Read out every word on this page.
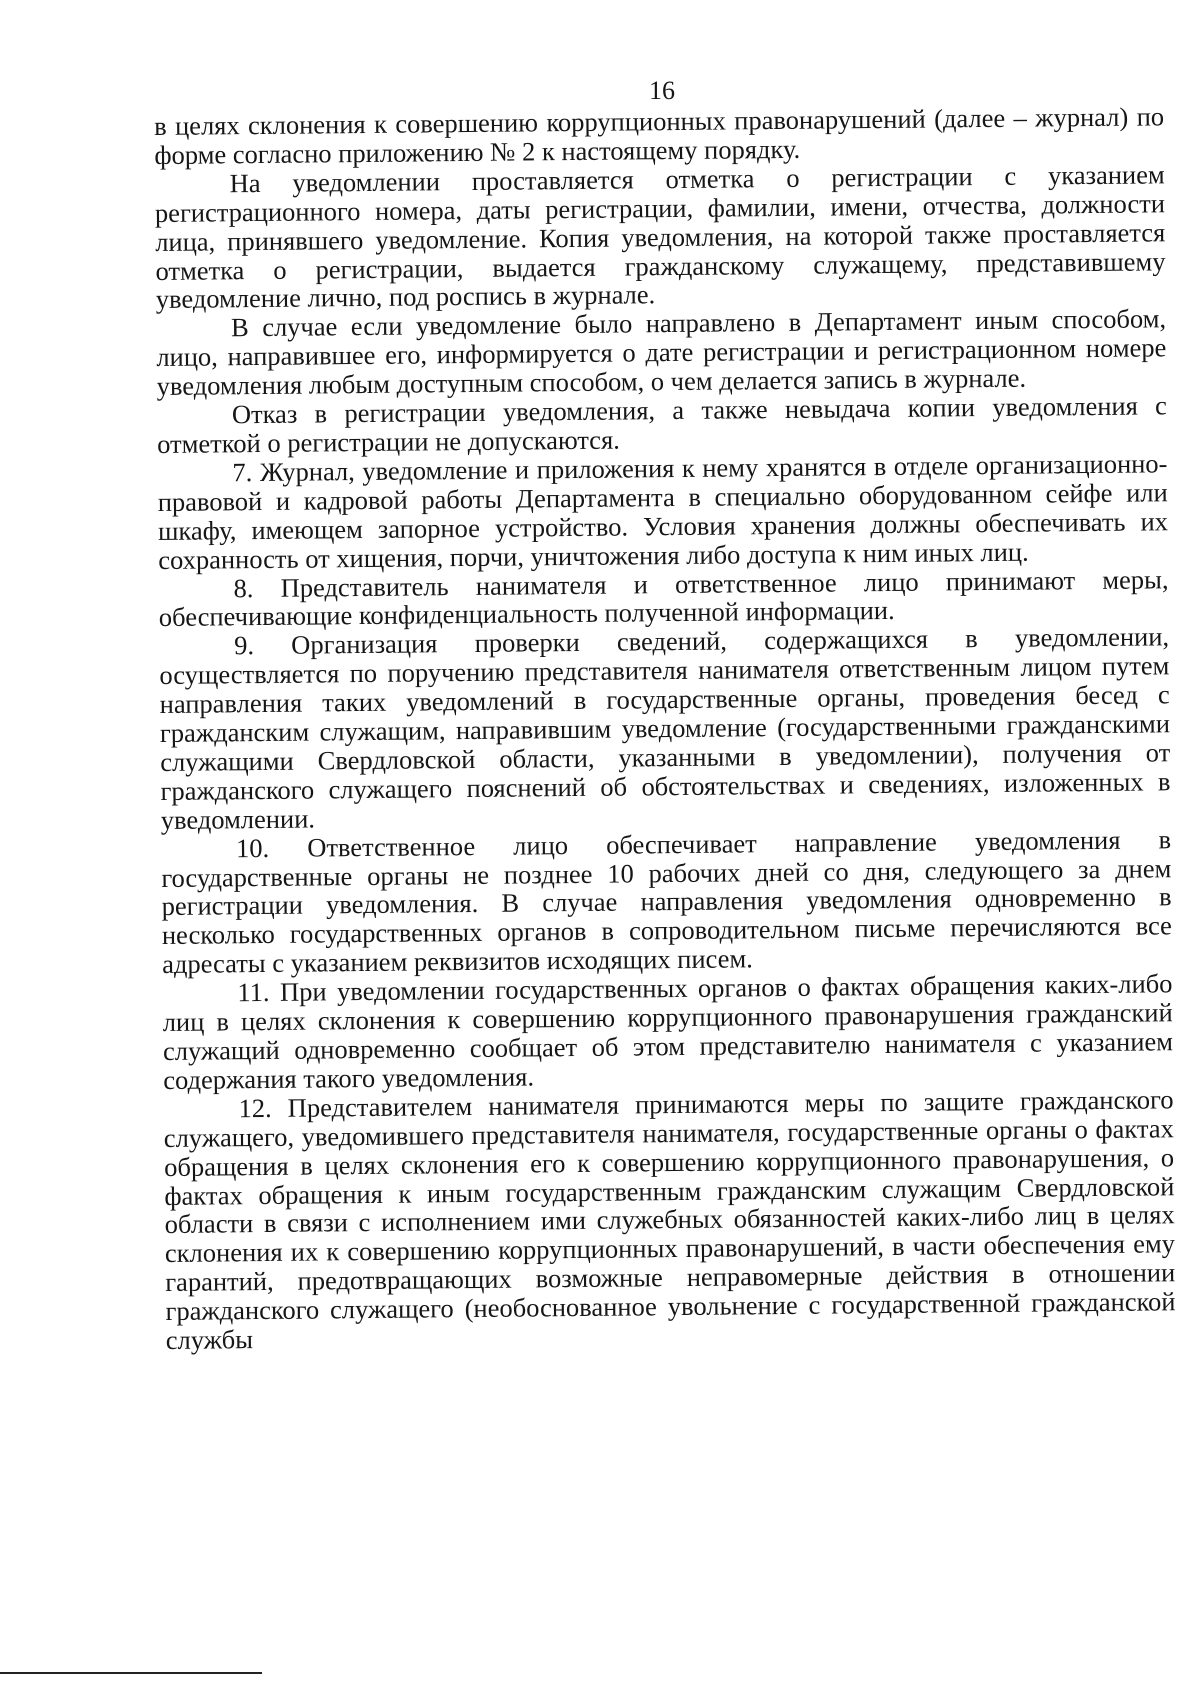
16

в целях склонения к совершению коррупционных правонарушений (далее – журнал) по форме согласно приложению № 2 к настоящему порядку.

На уведомлении проставляется отметка о регистрации с указанием регистрационного номера, даты регистрации, фамилии, имени, отчества, должности лица, принявшего уведомление. Копия уведомления, на которой также проставляется отметка о регистрации, выдается гражданскому служащему, представившему уведомление лично, под роспись в журнале.

В случае если уведомление было направлено в Департамент иным способом, лицо, направившее его, информируется о дате регистрации и регистрационном номере уведомления любым доступным способом, о чем делается запись в журнале.

Отказ в регистрации уведомления, а также невыдача копии уведомления с отметкой о регистрации не допускаются.

7. Журнал, уведомление и приложения к нему хранятся в отделе организационно-правовой и кадровой работы Департамента в специально оборудованном сейфе или шкафу, имеющем запорное устройство. Условия хранения должны обеспечивать их сохранность от хищения, порчи, уничтожения либо доступа к ним иных лиц.

8. Представитель нанимателя и ответственное лицо принимают меры, обеспечивающие конфиденциальность полученной информации.

9. Организация проверки сведений, содержащихся в уведомлении, осуществляется по поручению представителя нанимателя ответственным лицом путем направления таких уведомлений в государственные органы, проведения бесед с гражданским служащим, направившим уведомление (государственными гражданскими служащими Свердловской области, указанными в уведомлении), получения от гражданского служащего пояснений об обстоятельствах и сведениях, изложенных в уведомлении.

10. Ответственное лицо обеспечивает направление уведомления в государственные органы не позднее 10 рабочих дней со дня, следующего за днем регистрации уведомления. В случае направления уведомления одновременно в несколько государственных органов в сопроводительном письме перечисляются все адресаты с указанием реквизитов исходящих писем.

11. При уведомлении государственных органов о фактах обращения каких-либо лиц в целях склонения к совершению коррупционного правонарушения гражданский служащий одновременно сообщает об этом представителю нанимателя с указанием содержания такого уведомления.

12. Представителем нанимателя принимаются меры по защите гражданского служащего, уведомившего представителя нанимателя, государственные органы о фактах обращения в целях склонения его к совершению коррупционного правонарушения, о фактах обращения к иным государственным гражданским служащим Свердловской области в связи с исполнением ими служебных обязанностей каких-либо лиц в целях склонения их к совершению коррупционных правонарушений, в части обеспечения ему гарантий, предотвращающих возможные неправомерные действия в отношении гражданского служащего (необоснованное увольнение с государственной гражданской службы
